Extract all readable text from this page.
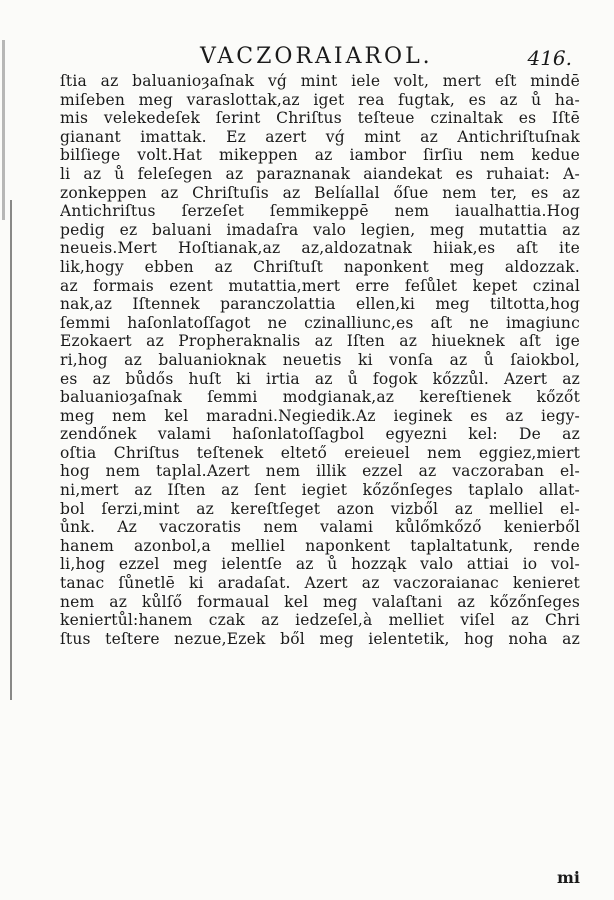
VACZORAIAROL.	416.
ſtia az baluanioȝaſnak vǵ mint iele volt, mert eſt mindē
miſeben meg varaslottak,az iget rea fugtak, es az ů ha-
mis velekedeſek ſerint Chriſtus teſteue czinaltak es Iſtē
gianant imattak. Ez azert vǵ mint az Antichriſtuſnak
bilſiege volt.Hat mikeppen az iambor ſirſiu nem kedue
li az ů feleſegen az paraznanak aiandekat es ruhaiat: A-
zonkeppen az Chriſtuſis az Belíallal őſue nem ter, es az
Antichriſtus ſerzeſet ſemmikeppē nem iaualhattia.Hog
pedig ez baluani imadaſra valo legien, meg mutattia az
neueis.Mert Hoſtianak,az az,aldozatnak hiiak,es aſt ite
lik,hogy ebben az Chriſtuſt naponkent meg aldozzak.
az formais ezent mutattia,mert erre feſůlet kepet czinal
nak,az Iſtennek paranczolattia ellen,ki meg tiltotta,hog
ſemmi haſonlatoſſagot ne czinalliunc,es aſt ne imagiunc
Ezokaert az Propheraknalis az Iſten az hiueknek aſt ige
ri,hog az baluanioknak neuetis ki vonſa az ů ſaiokbol,
es az bůdős huſt ki irtia az ů fogok kőzzůl. Azert az
baluanioȝaſnak ſemmi modgianak,az kereſtienek kőzőt
meg nem kel maradni.Negiedik.Az ieginek es az iegy-
zendőnek valami haſonlatoſſagbol egyezni kel: De az
oſtia Chriſtus teſtenek eltető ereieuel nem eggiez,miert
hog nem taplal.Azert nem illik ezzel az vaczoraban el-
ni,mert az Iſten az ſent iegiet kőzőnſeges taplalo allat-
bol ſerzi,mint az kereſtſeget azon vizből az melliel el-
ůnk. Az vaczoratis nem valami kůlőmkőző kenierből
hanem azonbol,a melliel naponkent taplaltatunk, rende
li,hog ezzel meg ielentſe az ů hozząk valo attiai io vol-
tanac ſůnetlē ki aradaſat. Azert az vaczoraianac kenieret
nem az kůlſő formaual kel meg valaſtani az kőzőnſeges
keniertůl:hanem czak az iedzeſel,à melliet viſel az Chri
ſtus teſtere nezue,Ezek ből meg ielentetik, hog noha az
mi
